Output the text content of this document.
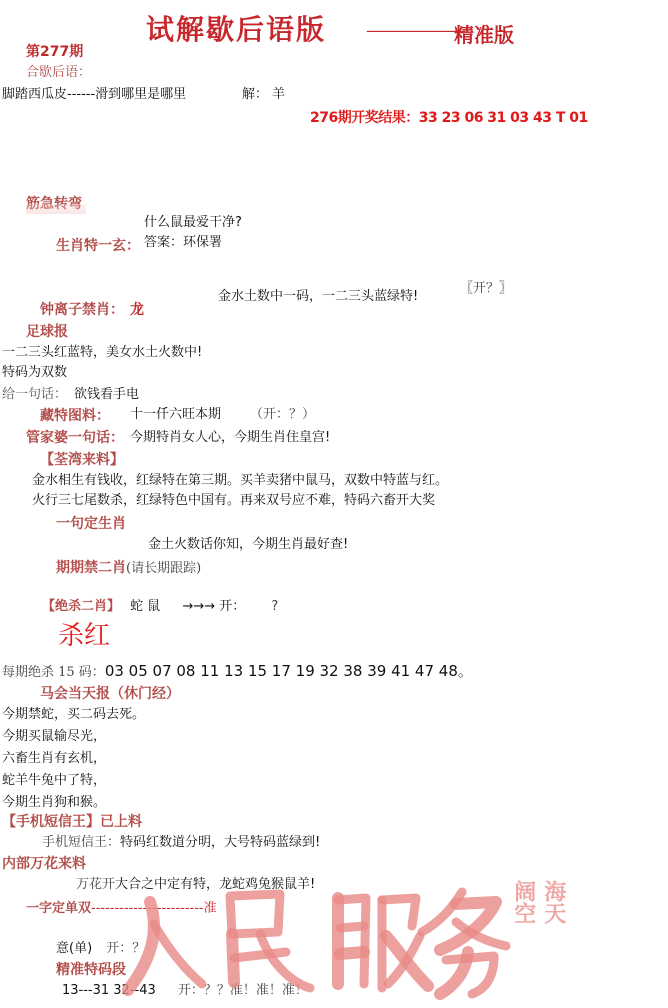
试解歇后语版 ———————
精准版
第277期
合歇后语：
脚踏西瓜皮------滑到哪里是哪里	解： 羊
276期开奖结果：33 23 06 31 03 43 T 01
筋急转弯
什么鼠最爱干净?
生肖特一玄： 答案：环保署
金水土数中一码，一二三头蓝绿特!
〖开？〗
钟离子禁肖： 龙
足球报
一二三头红蓝特，美女水土火数中!
特码为双数
给一句话： 欲钱看手电
藏特图料： 十一仟六旺本期 （开：？）
管家婆一句话： 今期特肖女人心，今期生肖住皇宫!
【荃湾来料】
金水相生有钱收，红绿特在第三期。买羊卖猪中鼠马，双数中特蓝与红。
火行三七尾数杀，红绿特色中国有。再来双号应不难，特码六畜开大奖
一句定生肖
金土火数话你知，今期生肖最好查!
期期禁二肖(请长期跟踪)
【绝杀二肖】 蛇 鼠 →→→ 开： ?
杀红
每期绝杀 15 码：03 05 07 08 11 13 15 17 19 32 38 39 41 47 48。
马会当天报（休门经）
今期禁蛇，买二码去死。
今期买鼠输尽光，
六畜生肖有玄机，
蛇羊牛兔中了特，
今期生肖狗和猴。
【手机短信王】已上料
手机短信王：特码红数道分明，大号特码蓝绿到!
内部万花来料
万花开大合之中定有特，龙蛇鸡兔猴鼠羊!
一字定单双------------------------准
意(单) 开：？
精准特码段
13---31 32--43 开：？？准！准！准！
海天
阔空
